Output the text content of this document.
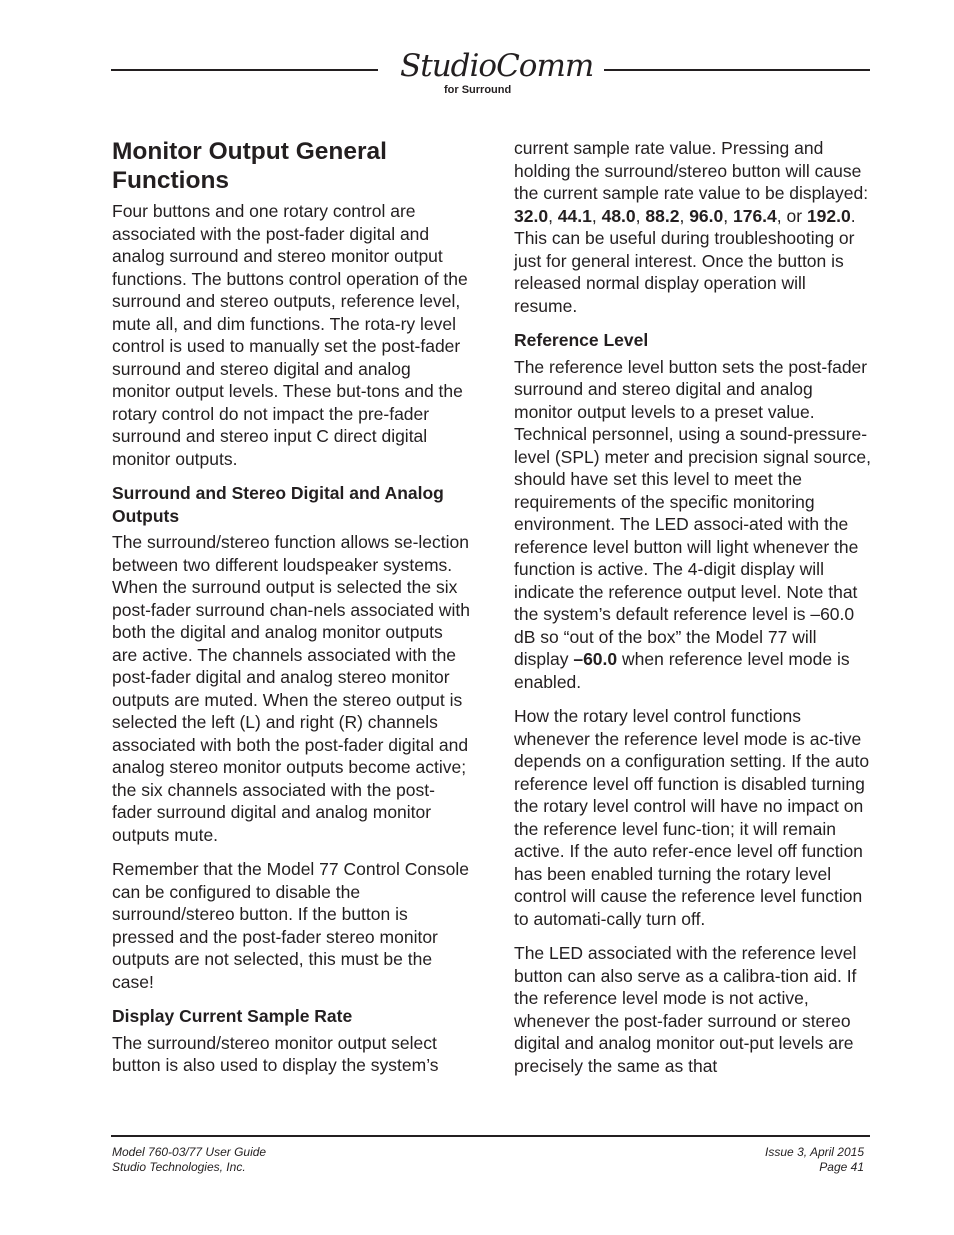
StudioComm
for Surround
Monitor Output General Functions

Four buttons and one rotary control are associated with the post-fader digital and analog surround and stereo monitor output functions. The buttons control operation of the surround and stereo outputs, reference level, mute all, and dim functions. The rota-ry level control is used to manually set the post-fader surround and stereo digital and analog monitor output levels. These but-tons and the rotary control do not impact the pre-fader surround and stereo input C direct digital monitor outputs.

Surround and Stereo Digital and Analog Outputs

The surround/stereo function allows se-lection between two different loudspeaker systems. When the surround output is selected the six post-fader surround chan-nels associated with both the digital and analog monitor outputs are active. The channels associated with the post-fader digital and analog stereo monitor outputs are muted. When the stereo output is selected the left (L) and right (R) channels associated with both the post-fader digital and analog stereo monitor outputs become active; the six channels associated with the post-fader surround digital and analog monitor outputs mute.

Remember that the Model 77 Control Console can be configured to disable the surround/stereo button. If the button is pressed and the post-fader stereo monitor outputs are not selected, this must be the case!

Display Current Sample Rate

The surround/stereo monitor output select button is also used to display the system’s

current sample rate value. Pressing and holding the surround/stereo button will cause the current sample rate value to be displayed: 32.0, 44.1, 48.0, 88.2, 96.0, 176.4, or 192.0. This can be useful during troubleshooting or just for general interest. Once the button is released normal display operation will resume.

Reference Level

The reference level button sets the post-fader surround and stereo digital and analog monitor output levels to a preset value. Technical personnel, using a sound-pressure-level (SPL) meter and precision signal source, should have set this level to meet the requirements of the specific monitoring environment. The LED associ-ated with the reference level button will light whenever the function is active. The 4-digit display will indicate the reference output level. Note that the system’s default reference level is –60.0 dB so “out of the box” the Model 77 will display –60.0 when reference level mode is enabled.

How the rotary level control functions whenever the reference level mode is ac-tive depends on a configuration setting. If the auto reference level off function is disabled turning the rotary level control will have no impact on the reference level func-tion; it will remain active. If the auto refer-ence level off function has been enabled turning the rotary level control will cause the reference level function to automati-cally turn off.

The LED associated with the reference level button can also serve as a calibra-tion aid. If the reference level mode is not active, whenever the post-fader surround or stereo digital and analog monitor out-put levels are precisely the same as that

Model 760-03/77 User Guide
Studio Technologies, Inc.
Issue 3, April 2015
Page 41
